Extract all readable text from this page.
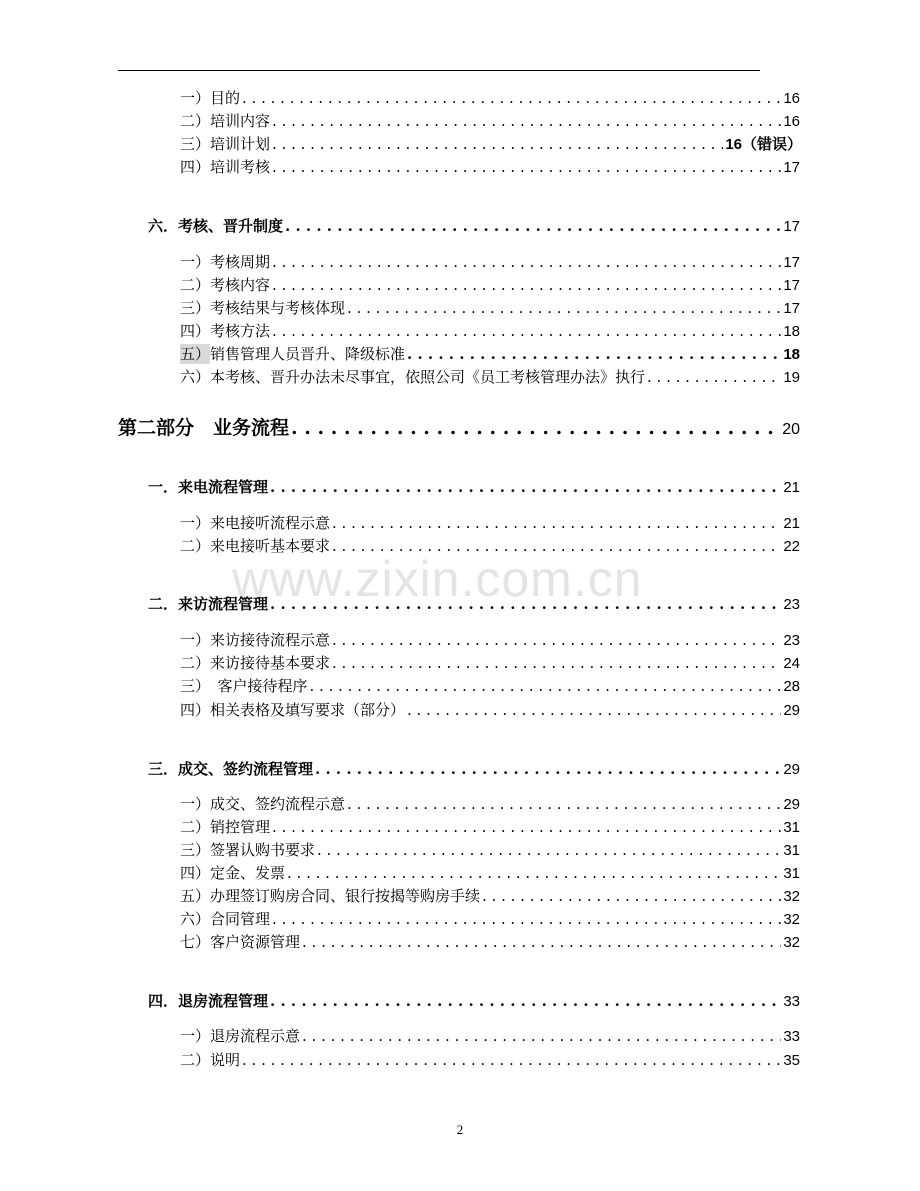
一）目的 . . .	16
二）培训内容 . . .	16
三）培训计划 . . .	16（错误）
四）培训考核 . . .	17
六．考核、晋升制度 . . .	17
一）考核周期 . . .	17
二）考核内容 . . .	17
三）考核结果与考核体现 . . .	17
四）考核方法 . . .	18
五） 销售管理人员晋升、降级标准 . . .	18
六）本考核、晋升办法未尽事宜，依照公司《员工考核管理办法》执行 . . .	19
第二部分　业务流程 . . .	20
一．来电流程管理 . . .	21
一）来电接听流程示意 . . .	21
二）来电接听基本要求 . . .	22
二．来访流程管理 . . .	23
一）来访接待流程示意 . . .	23
二）来访接待基本要求 . . .	24
三）　客户接待程序 . . .	28
四）相关表格及填写要求（部分） . . .	29
三．成交、签约流程管理 . . .	29
一）成交、签约流程示意 . . .	29
二）销控管理 . . .	31
三）签署认购书要求 . . .	31
四）定金、发票 . . .	31
五）办理签订购房合同、银行按揭等购房手续 . . .	32
六）合同管理 . . .	32
七）客户资源管理 . . .	32
四．退房流程管理 . . .	33
一）退房流程示意 . . .	33
二）说明 . . .	35
www.zixin.com.cn
2
